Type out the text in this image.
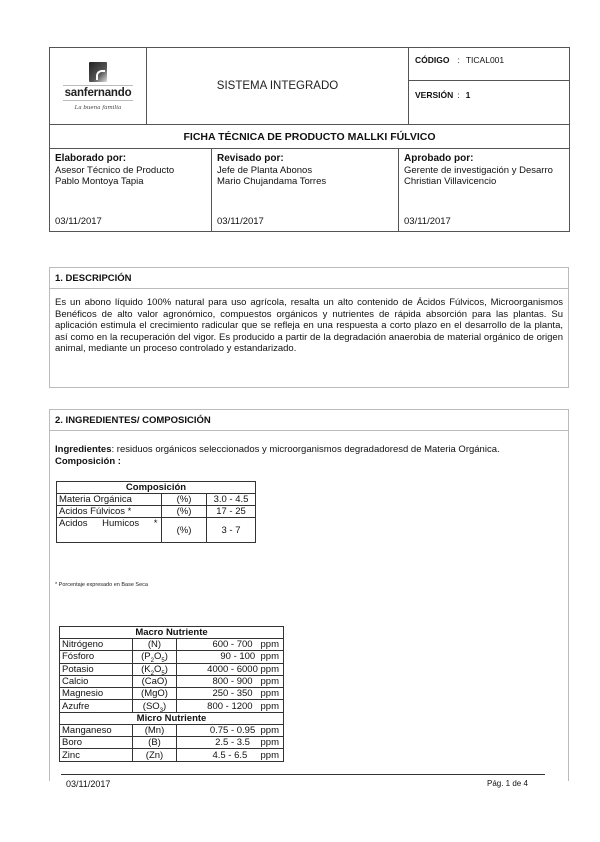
sanfernando
La buena familia
SISTEMA INTEGRADO
CÓDIGO : TICAL001
VERSIÓN : 1
FICHA TÉCNICA DE PRODUCTO MALLKI FÚLVICO
Elaborado por:
Asesor Técnico de Producto
Pablo Montoya Tapia
03/11/2017
Revisado por:
Jefe de Planta Abonos
Mario Chujandama Torres
03/11/2017
Aprobado por:
Gerente de investigación y Desarro
Christian Villavicencio
03/11/2017
1. DESCRIPCIÓN
Es un abono líquido 100% natural para uso agrícola, resalta un alto contenido de Ácidos Fúlvicos, Microorganismos Benéficos de alto valor agronómico, compuestos orgánicos y nutrientes de rápida absorción para las plantas. Su aplicación estimula el crecimiento radicular que se refleja en una respuesta a corto plazo en el desarrollo de la planta, así como en la recuperación del vigor. Es producido a partir de la degradación anaerobia de material orgánico de origen animal, mediante un proceso controlado y estandarizado.
2. INGREDIENTES/ COMPOSICIÓN
Ingredientes: residuos orgánicos seleccionados y microorganismos degradadoresd de Materia Orgánica.
Composición :
Composición		
Materia Orgánica	(%)	3.0 - 4.5
Acidos Fúlvicos *	(%)	17 - 25
Acidos Humicos *	(%)	3 - 7
* Porcentaje expresado en Base Seca
Macro Nutriente		
Nitrógeno	(N)	600 - 700 ppm
Fósforo	$(P_2O_5)$	90 - 100 ppm
Potasio	$(K_2O_5)$	4000 - 6000 ppm
Calcio	(CaO)	800 - 900 ppm
Magnesio	(MgO)	250 - 350 ppm
Azufre	$(SO_3)$	800 - 1200 ppm
Micro Nutriente		
Manganeso	(Mn)	0.75 - 0.95 ppm
Boro	(B)	2.5 - 3.5 ppm
Zinc	(Zn)	4.5 - 6.5 ppm
03/11/2017	Pág. 1 de 4
